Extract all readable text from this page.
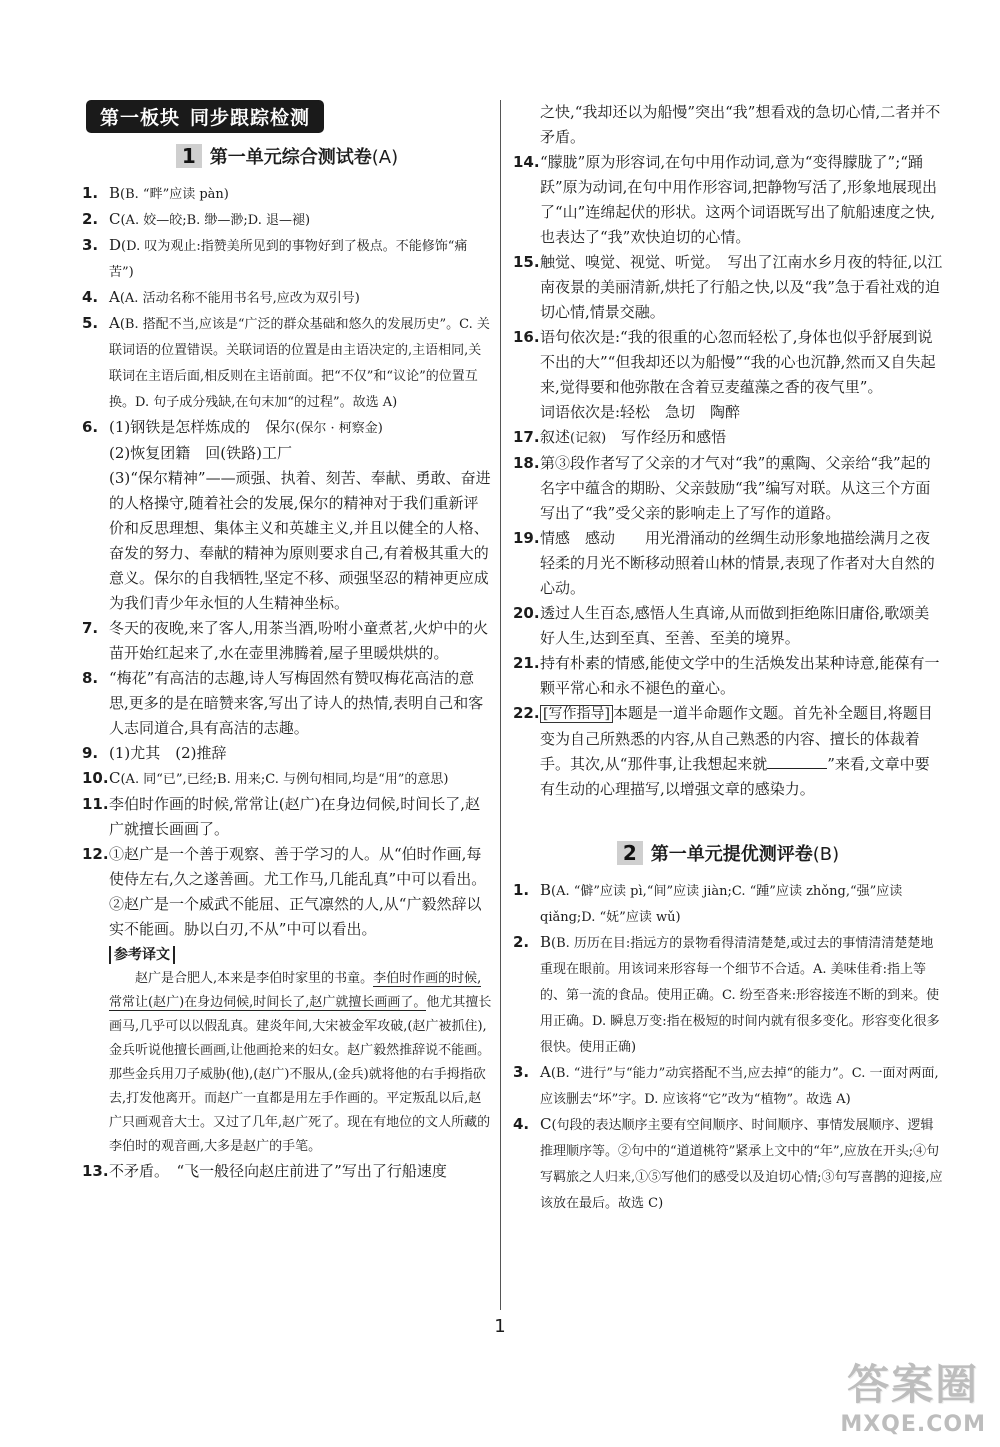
第一板块 同步跟踪检测
1 第一单元综合测试卷(A)
1. B(B. “畔”应读 pàn)
2. C(A. 姣—皎;B. 缈—渺;D. 退—褪)
3. D(D. 叹为观止:指赞美所见到的事物好到了极点。不能修饰“痛苦”)
4. A(A. 活动名称不能用书名号,应改为双引号)
5. A(B. 搭配不当,应该是“广泛的群众基础和悠久的发展历史”。C. 关联词语的位置错误。关联词语的位置是由主语决定的,主语相同,关联词在主语后面,相反则在主语前面。把“不仅”和“议论”的位置互换。D. 句子成分残缺,在句末加“的过程”。故选 A)
6. (1)钢铁是怎样炼成的　保尔(保尔 · 柯察金)
(2)恢复团籍　回(铁路)工厂
(3)“保尔精神”——顽强、执着、刻苦、奉献、勇敢、奋进的人格操守,随着社会的发展,保尔的精神对于我们重新评价和反思理想、集体主义和英雄主义,并且以健全的人格、奋发的努力、奉献的精神为原则要求自己,有着极其重大的意义。保尔的自我牺牲,坚定不移、顽强坚忍的精神更应成为我们青少年永恒的人生精神坐标。
7. 冬天的夜晚,来了客人,用茶当酒,吩咐小童煮茗,火炉中的火苗开始红起来了,水在壶里沸腾着,屋子里暖烘烘的。
8. “梅花”有高洁的志趣,诗人写梅固然有赞叹梅花高洁的意思,更多的是在暗赞来客,写出了诗人的热情,表明自己和客人志同道合,具有高洁的志趣。
9. (1)尤其　(2)推辞
10. C(A. 同“已”,已经;B. 用来;C. 与例句相同,均是“用”的意思)
11. 李伯时作画的时候,常常让(赵广)在身边伺候,时间长了,赵广就擅长画画了。
12. ①赵广是一个善于观察、善于学习的人。从“伯时作画,每使侍左右,久之遂善画。尤工作马,几能乱真”中可以看出。②赵广是一个威武不能屈、正气凛然的人,从“广毅然辞以实不能画。胁以白刃,不从”中可以看出。
参考译文
赵广是合肥人,本来是李伯时家里的书童。李伯时作画的时候,常常让(赵广)在身边伺候,时间长了,赵广就擅长画画了。他尤其擅长画马,几乎可以以假乱真。建炎年间,大宋被金军攻破,(赵广被抓住),金兵听说他擅长画画,让他画抢来的妇女。赵广毅然推辞说不能画。那些金兵用刀子威胁(他),(赵广)不服从,(金兵)就将他的右手拇指砍去,打发他离开。而赵广一直都是用左手作画的。平定叛乱以后,赵广只画观音大士。又过了几年,赵广死了。现在有地位的文人所藏的李伯时的观音画,大多是赵广的手笔。
13. 不矛盾。　“飞一般径向赵庄前进了”写出了行船速度
之快,“我却还以为船慢”突出“我”想看戏的急切心情,二者并不矛盾。
14. “朦胧”原为形容词,在句中用作动词,意为“变得朦胧了”;“踊跃”原为动词,在句中用作形容词,把静物写活了,形象地展现出了“山”连绵起伏的形状。这两个词语既写出了航船速度之快,也表达了“我”欢快迫切的心情。
15. 触觉、嗅觉、视觉、听觉。　写出了江南水乡月夜的特征,以江南夜景的美丽清新,烘托了行船之快,以及“我”急于看社戏的迫切心情,情景交融。
16. 语句依次是:“我的很重的心忽而轻松了,身体也似乎舒展到说不出的大”“但我却还以为船慢”“我的心也沉静,然而又自失起来,觉得要和他弥散在含着豆麦蕴藻之香的夜气里”。
词语依次是:轻松　急切　陶醉
17. 叙述(记叙)　写作经历和感悟
18. 第③段作者写了父亲的才气对“我”的熏陶、父亲给“我”起的名字中蕴含的期盼、父亲鼓励“我”编写对联。从这三个方面写出了“我”受父亲的影响走上了写作的道路。
19. 情感　感动　　用光滑涌动的丝绸生动形象地描绘满月之夜轻柔的月光不断移动照着山林的情景,表现了作者对大自然的心动。
20. 透过人生百态,感悟人生真谛,从而做到拒绝陈旧庸俗,歌颂美好人生,达到至真、至善、至美的境界。
21. 持有朴素的情感,能使文学中的生活焕发出某种诗意,能葆有一颗平常心和永不褪色的童心。
22. [写作指导] 本题是一道半命题作文题。首先补全题目,将题目变为自己所熟悉的内容,从自己熟悉的内容、擅长的体裁着手。其次,从“那件事,让我想起来就	”来看,文章中要有生动的心理描写,以增强文章的感染力。
2 第一单元提优测评卷(B)
1. B(A. “僻”应读 pì,“间”应读 jiàn;C. “踵”应读 zhǒng,“强”应读 qiǎng;D. “妩”应读 wǔ)
2. B(B. 历历在目:指远方的景物看得清清楚楚,或过去的事情清清楚楚地重现在眼前。用该词来形容每一个细节不合适。A. 美味佳肴:指上等的、第一流的食品。使用正确。C. 纷至沓来:形容接连不断的到来。使用正确。D. 瞬息万变:指在极短的时间内就有很多变化。形容变化很多很快。使用正确)
3. A(B. “进行”与“能力”动宾搭配不当,应去掉“的能力”。C. 一面对两面,应该删去“坏”字。D. 应该将“它”改为“植物”。故选 A)
4. C(句段的表达顺序主要有空间顺序、时间顺序、事情发展顺序、逻辑推理顺序等。②句中的“道道桃符”紧承上文中的“年”,应放在开头;④句写羁旅之人归来,①⑤写他们的感受以及迫切心情;③句写喜鹊的迎接,应该放在最后。故选 C)
1
答案圈
MXQE.COM
